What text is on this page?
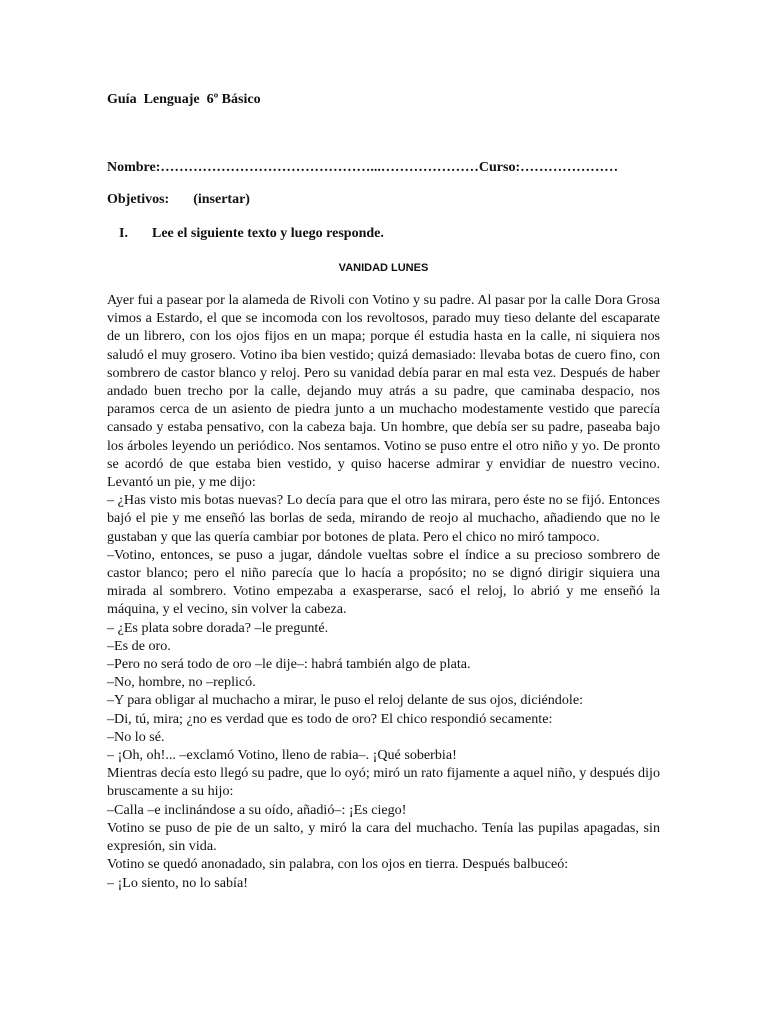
Guía  Lenguaje  6º Básico
Nombre:………………………………………...…………………Curso:…………………
Objetivos: (insertar)
I. Lee el siguiente texto y luego responde.
VANIDAD LUNES

Ayer fui a pasear por la alameda de Rivoli con Votino y su padre. Al pasar por la calle Dora Grosa vimos a Estardo, el que se incomoda con los revoltosos, parado muy tieso delante del escaparate de un librero, con los ojos fijos en un mapa; porque él estudia hasta en la calle, ni siquiera nos saludó el muy grosero. Votino iba bien vestido; quizá demasiado: llevaba botas de cuero fino, con sombrero de castor blanco y reloj. Pero su vanidad debía parar en mal esta vez. Después de haber andado buen trecho por la calle, dejando muy atrás a su padre, que caminaba despacio, nos paramos cerca de un asiento de piedra junto a un muchacho modestamente vestido que parecía cansado y estaba pensativo, con la cabeza baja. Un hombre, que debía ser su padre, paseaba bajo los árboles leyendo un periódico. Nos sentamos. Votino se puso entre el otro niño y yo. De pronto se acordó de que estaba bien vestido, y quiso hacerse admirar y envidiar de nuestro vecino. Levantó un pie, y me dijo:

– ¿Has visto mis botas nuevas? Lo decía para que el otro las mirara, pero éste no se fijó. Entonces bajó el pie y me enseñó las borlas de seda, mirando de reojo al muchacho, añadiendo que no le gustaban y que las quería cambiar por botones de plata. Pero el chico no miró tampoco.

–Votino, entonces, se puso a jugar, dándole vueltas sobre el índice a su precioso sombrero de castor blanco; pero el niño parecía que lo hacía a propósito; no se dignó dirigir siquiera una mirada al sombrero. Votino empezaba a exasperarse, sacó el reloj, lo abrió y me enseñó la máquina, y el vecino, sin volver la cabeza.

– ¿Es plata sobre dorada? –le pregunté.

–Es de oro.

–Pero no será todo de oro –le dije–: habrá también algo de plata.

–No, hombre, no –replicó.

–Y para obligar al muchacho a mirar, le puso el reloj delante de sus ojos, diciéndole:

–Di, tú, mira; ¿no es verdad que es todo de oro? El chico respondió secamente:

–No lo sé.

– ¡Oh, oh!... –exclamó Votino, lleno de rabia–. ¡Qué soberbia!

Mientras decía esto llegó su padre, que lo oyó; miró un rato fijamente a aquel niño, y después dijo bruscamente a su hijo:

–Calla –e inclinándose a su oído, añadió–: ¡Es ciego!

Votino se puso de pie de un salto, y miró la cara del muchacho. Tenía las pupilas apagadas, sin expresión, sin vida.

Votino se quedó anonadado, sin palabra, con los ojos en tierra. Después balbuceó:

– ¡Lo siento, no lo sabía!
